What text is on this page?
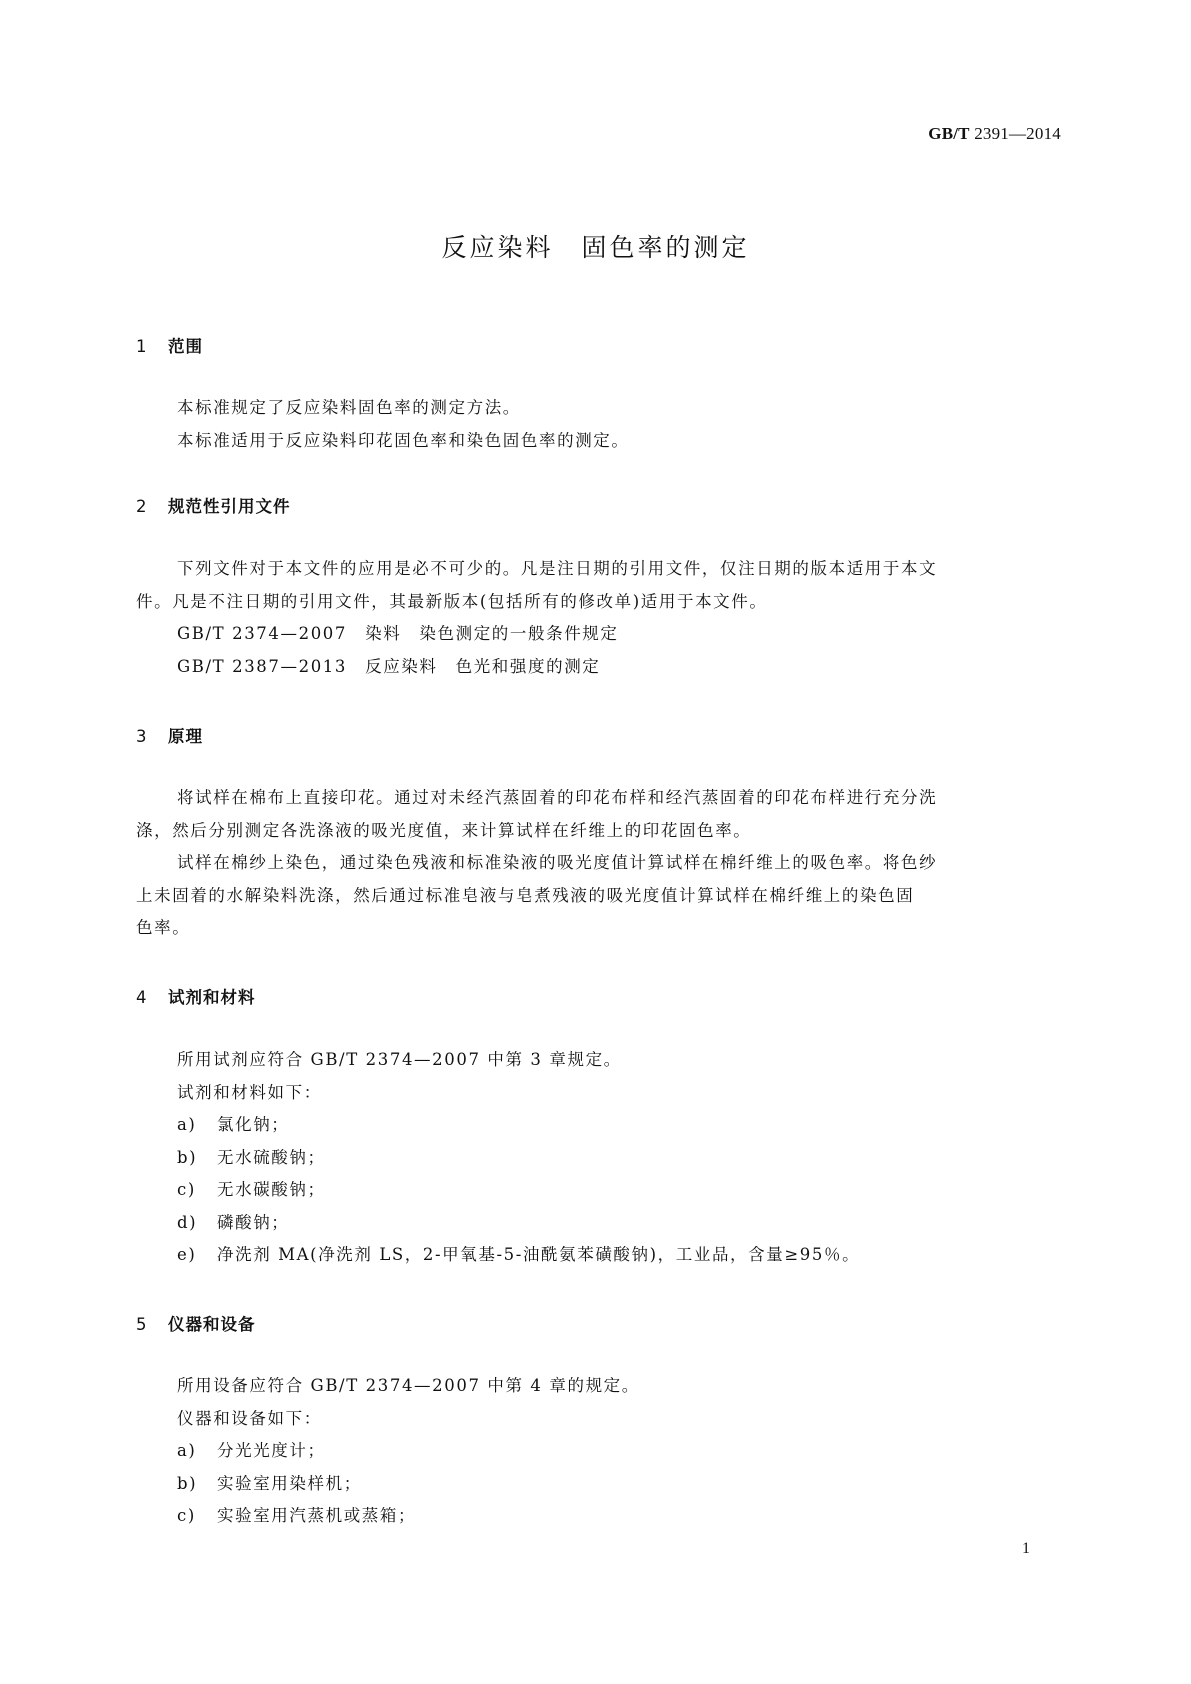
GB/T 2391—2014
反应染料　固色率的测定
1 范围
本标准规定了反应染料固色率的测定方法。
本标准适用于反应染料印花固色率和染色固色率的测定。
2 规范性引用文件
下列文件对于本文件的应用是必不可少的。凡是注日期的引用文件，仅注日期的版本适用于本文
件。凡是不注日期的引用文件，其最新版本(包括所有的修改单)适用于本文件。
GB/T 2374—2007　染料　染色测定的一般条件规定
GB/T 2387—2013　反应染料　色光和强度的测定
3 原理
将试样在棉布上直接印花。通过对未经汽蒸固着的印花布样和经汽蒸固着的印花布样进行充分洗
涤，然后分别测定各洗涤液的吸光度值，来计算试样在纤维上的印花固色率。
试样在棉纱上染色，通过染色残液和标准染液的吸光度值计算试样在棉纤维上的吸色率。将色纱
上未固着的水解染料洗涤，然后通过标准皂液与皂煮残液的吸光度值计算试样在棉纤维上的染色固
色率。
4 试剂和材料
所用试剂应符合 GB/T 2374—2007 中第 3 章规定。
试剂和材料如下：
a) 氯化钠；
b) 无水硫酸钠；
c) 无水碳酸钠；
d) 磷酸钠；
e) 净洗剂 MA(净洗剂 LS，2-甲氧基-5-油酰氨苯磺酸钠)，工业品，含量≥95％。
5 仪器和设备
所用设备应符合 GB/T 2374—2007 中第 4 章的规定。
仪器和设备如下：
a) 分光光度计；
b) 实验室用染样机；
c) 实验室用汽蒸机或蒸箱；
1
